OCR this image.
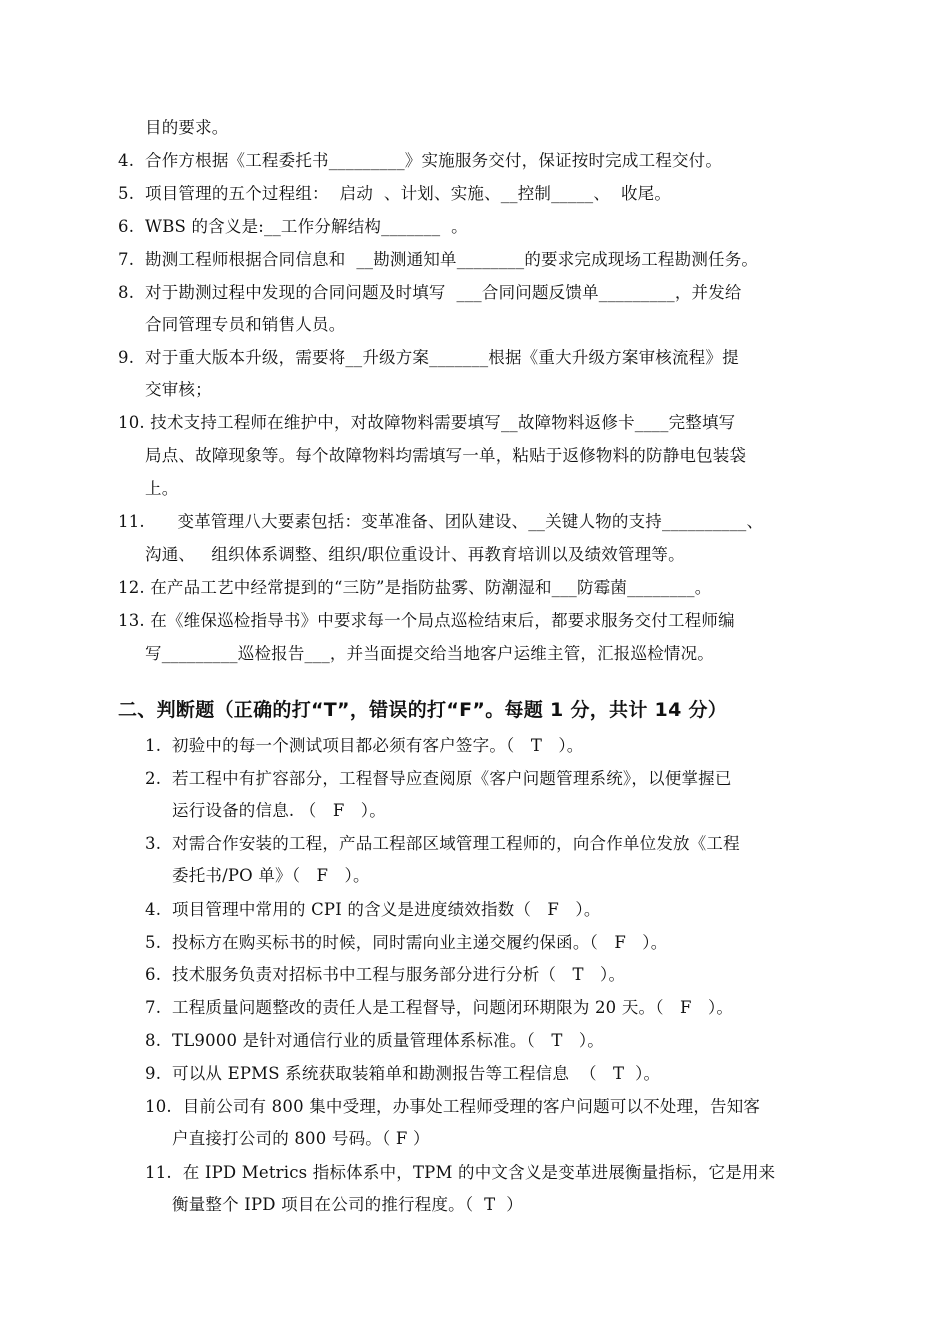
目的要求。
4.  合作方根据《工程委托书_________》实施服务交付，保证按时完成工程交付。
5.  项目管理的五个过程组：  启动  、计划、实施、__控制_____、  收尾。
6.  WBS 的含义是:__工作分解结构_______  。
7.  勘测工程师根据合同信息和  __勘测通知单________的要求完成现场工程勘测任务。
8.  对于勘测过程中发现的合同问题及时填写  ___合同问题反馈单_________，并发给
合同管理专员和销售人员。
9.  对于重大版本升级，需要将__升级方案_______根据《重大升级方案审核流程》提
交审核；
10. 技术支持工程师在维护中，对故障物料需要填写__故障物料返修卡____完整填写
局点、故障现象等。每个故障物料均需填写一单，粘贴于返修物料的防静电包装袋
上。
11.      变革管理八大要素包括：变革准备、团队建设、__关键人物的支持__________、
沟通、   组织体系调整、组织/职位重设计、再教育培训以及绩效管理等。
12. 在产品工艺中经常提到的“三防”是指防盐雾、防潮湿和___防霉菌________。
13. 在《维保巡检指导书》中要求每一个局点巡检结束后，都要求服务交付工程师编
写_________巡检报告___，并当面提交给当地客户运维主管，汇报巡检情况。
二、判断题（正确的打“T”，错误的打“F”。每题 1 分，共计 14 分）
1.  初验中的每一个测试项目都必须有客户签字。（   T   ）。
2.  若工程中有扩容部分，工程督导应查阅原《客户问题管理系统》，以便掌握已
运行设备的信息. （   F   ）。
3.  对需合作安装的工程，产品工程部区域管理工程师的，向合作单位发放《工程
委托书/PO 单》（   F   ）。
4.  项目管理中常用的 CPI 的含义是进度绩效指数（   F   ）。
5.  投标方在购买标书的时候，同时需向业主递交履约保函。（   F   ）。
6.  技术服务负责对招标书中工程与服务部分进行分析（   T   ）。
7.  工程质量问题整改的责任人是工程督导，问题闭环期限为 20 天。（   F   ）。
8.  TL9000 是针对通信行业的质量管理体系标准。（   T   ）。
9.  可以从 EPMS 系统获取装箱单和勘测报告等工程信息  （   T  ）。
10.  目前公司有 800 集中受理，办事处工程师受理的客户问题可以不处理，告知客
户直接打公司的 800 号码。（ F ）
11.  在 IPD Metrics 指标体系中，TPM 的中文含义是变革进展衡量指标，它是用来
衡量整个 IPD 项目在公司的推行程度。（  T  ）
